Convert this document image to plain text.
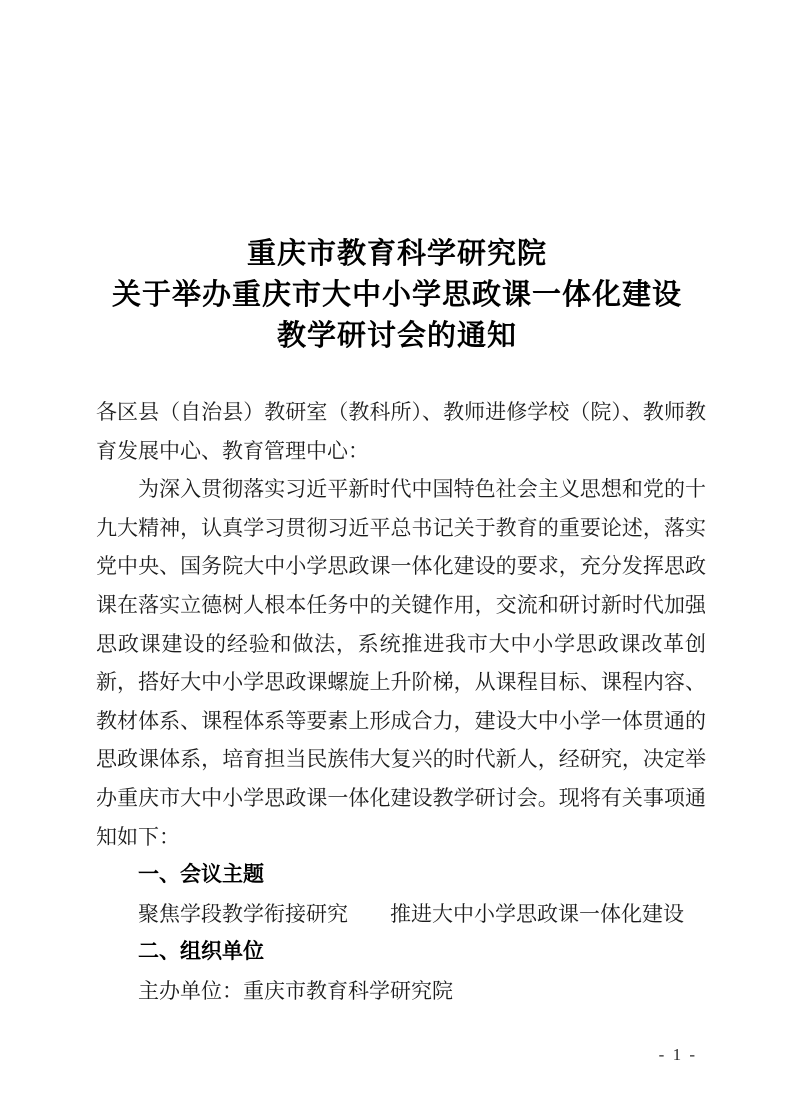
重庆市教育科学研究院
关于举办重庆市大中小学思政课一体化建设
教学研讨会的通知

各区县（自治县）教研室（教科所）、教师进修学校（院）、教师教育发展中心、教育管理中心：

为深入贯彻落实习近平新时代中国特色社会主义思想和党的十九大精神，认真学习贯彻习近平总书记关于教育的重要论述，落实党中央、国务院大中小学思政课一体化建设的要求，充分发挥思政课在落实立德树人根本任务中的关键作用，交流和研讨新时代加强思政课建设的经验和做法，系统推进我市大中小学思政课改革创新，搭好大中小学思政课螺旋上升阶梯，从课程目标、课程内容、教材体系、课程体系等要素上形成合力，建设大中小学一体贯通的思政课体系，培育担当民族伟大复兴的时代新人，经研究，决定举办重庆市大中小学思政课一体化建设教学研讨会。现将有关事项通知如下：

一、会议主题

聚焦学段教学衔接研究　　推进大中小学思政课一体化建设

二、组织单位

主办单位：重庆市教育科学研究院

- 1 -
